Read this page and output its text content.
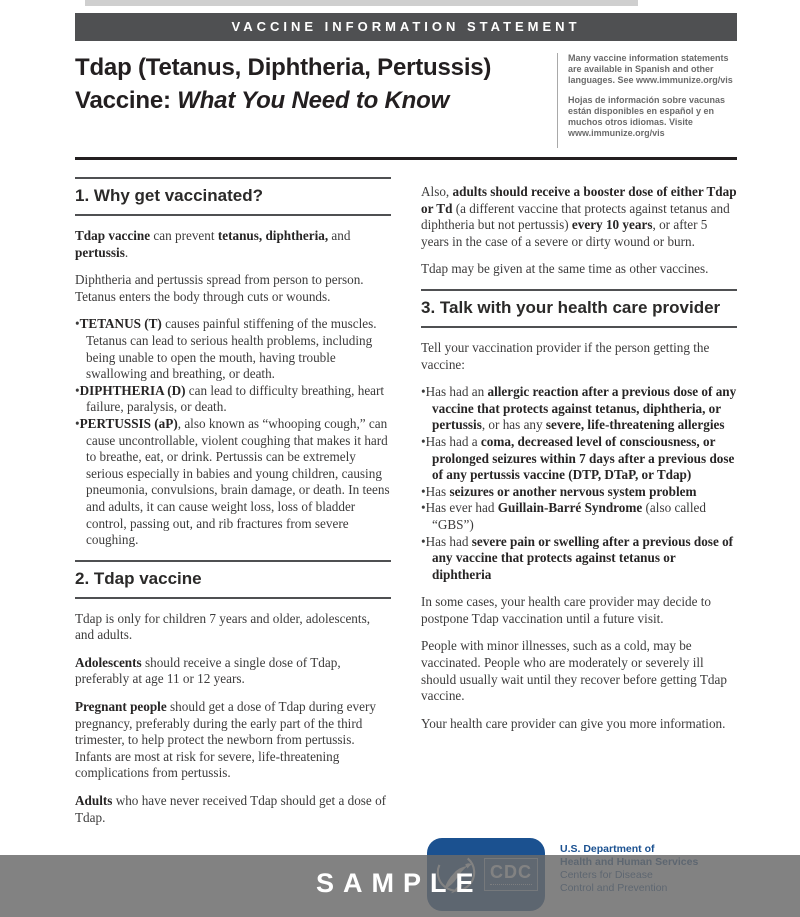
VACCINE INFORMATION STATEMENT
Tdap (Tetanus, Diphtheria, Pertussis)
Vaccine: What You Need to Know

Many vaccine information statements are available in Spanish and other languages. See www.immunize.org/vis

Hojas de información sobre vacunas están disponibles en español y en muchos otros idiomas. Visite www.immunize.org/vis

1. Why get vaccinated?

Tdap vaccine can prevent tetanus, diphtheria, and pertussis.

Diphtheria and pertussis spread from person to person. Tetanus enters the body through cuts or wounds.

• TETANUS (T) causes painful stiffening of the muscles. Tetanus can lead to serious health problems, including being unable to open the mouth, having trouble swallowing and breathing, or death.
• DIPHTHERIA (D) can lead to difficulty breathing, heart failure, paralysis, or death.
• PERTUSSIS (aP), also known as “whooping cough,” can cause uncontrollable, violent coughing that makes it hard to breathe, eat, or drink. Pertussis can be extremely serious especially in babies and young children, causing pneumonia, convulsions, brain damage, or death. In teens and adults, it can cause weight loss, loss of bladder control, passing out, and rib fractures from severe coughing.
2. Tdap vaccine

Tdap is only for children 7 years and older, adolescents, and adults.

Adolescents should receive a single dose of Tdap, preferably at age 11 or 12 years.

Pregnant people should get a dose of Tdap during every pregnancy, preferably during the early part of the third trimester, to help protect the newborn from pertussis. Infants are most at risk for severe, life-threatening complications from pertussis.

Adults who have never received Tdap should get a dose of Tdap.

Also, adults should receive a booster dose of either Tdap or Td (a different vaccine that protects against tetanus and diphtheria but not pertussis) every 10 years, or after 5 years in the case of a severe or dirty wound or burn.

Tdap may be given at the same time as other vaccines.

3. Talk with your health care provider

Tell your vaccination provider if the person getting the vaccine:

• Has had an allergic reaction after a previous dose of any vaccine that protects against tetanus, diphtheria, or pertussis, or has any severe, life-threatening allergies
• Has had a coma, decreased level of consciousness, or prolonged seizures within 7 days after a previous dose of any pertussis vaccine (DTP, DTaP, or Tdap)
• Has seizures or another nervous system problem
• Has ever had Guillain-Barré Syndrome (also called “GBS”)
• Has had severe pain or swelling after a previous dose of any vaccine that protects against tetanus or diphtheria

In some cases, your health care provider may decide to postpone Tdap vaccination until a future visit.

People with minor illnesses, such as a cold, may be vaccinated. People who are moderately or severely ill should usually wait until they recover before getting Tdap vaccine.

Your health care provider can give you more information.

U.S. Department of
SAMPLE
